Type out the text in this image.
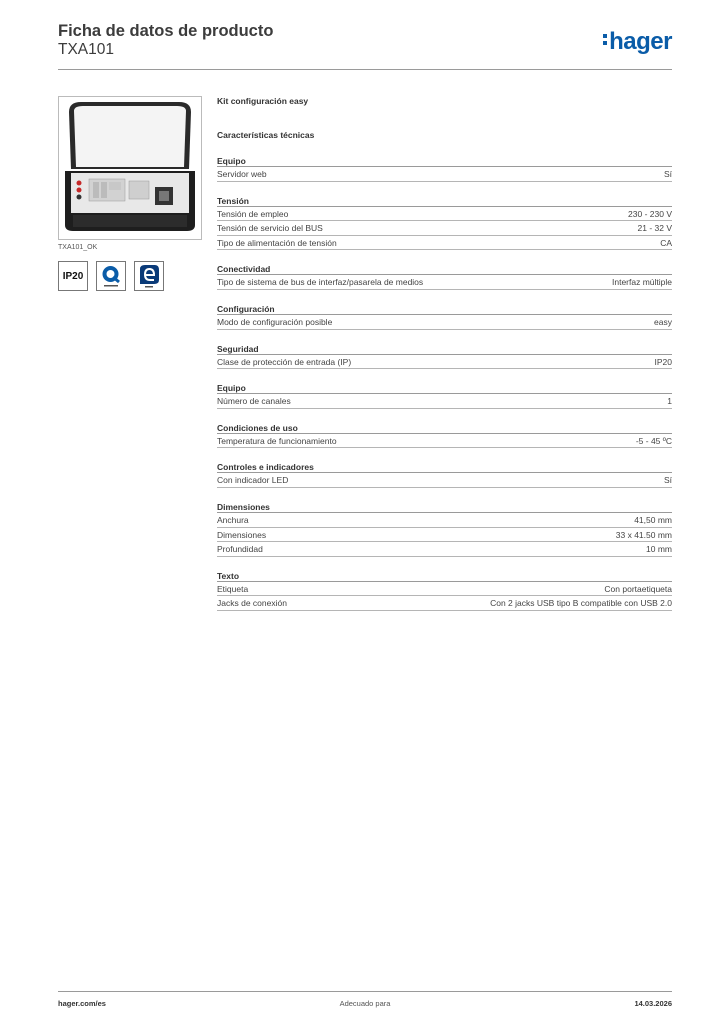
Ficha de datos de producto
TXA101	hager
TXA101_OK
IP20
Kit configuración easy
Características técnicas
Equipo
Servidor web	Sí
Tensión
Tensión de empleo	230 - 230 V
Tensión de servicio del BUS	21 - 32 V
Tipo de alimentación de tensión	CA
Conectividad
Tipo de sistema de bus de interfaz/pasarela de medios	Interfaz múltiple
Configuración
Modo de configuración posible	easy
Seguridad
Clase de protección de entrada (IP)	IP20
Equipo
Número de canales	1
Condiciones de uso
Temperatura de funcionamiento	-5 - 45 ºC
Controles e indicadores
Con indicador LED	Sí
Dimensiones
Anchura	41,50 mm
Dimensiones	33 x 41.50 mm
Profundidad	10 mm
Texto
Etiqueta	Con portaetiqueta
Jacks de conexión	Con 2 jacks USB tipo B compatible con USB 2.0
hager.com/es	Adecuado para	14.03.2026
